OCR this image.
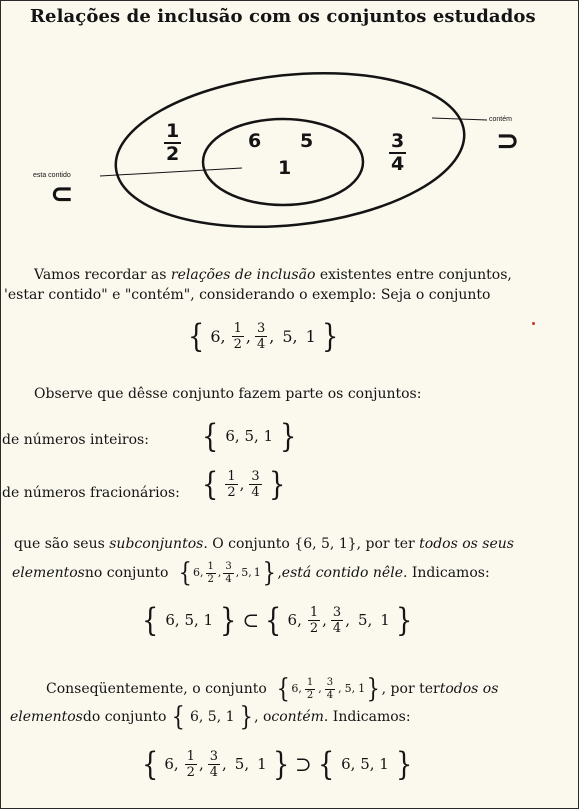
Relações de inclusão com os conjuntos estudados
6 5
1
$\frac{1}{2}$	$\frac{3}{4}$
esta contido
⊂
contém
⊃
Vamos recordar as relações de inclusão existentes entre conjuntos,
'estar contido" e "contém", considerando o exemplo: Seja o conjunto
{ 6, $\frac{1}{2}$ , $\frac{3}{4}$ , 5, 1 }
Observe que dêsse conjunto fazem parte os conjuntos:
de números inteiros: { 6, 5, 1 }
de números fracionários: { $\frac{1}{2}$ , $\frac{3}{4}$ }
que são seus subconjuntos. O conjunto {6, 5, 1}, por ter todos os seus
elementos no conjunto { 6, $\frac{1}{2}$ , $\frac{3}{4}$ , 5, 1 } , está contido nêle . Indicamos:
{ 6, 5, 1 } ⊂ { 6, $\frac{1}{2}$ , $\frac{3}{4}$ , 5, 1 }
Conseqüentemente, o conjunto { 6, $\frac{1}{2}$ , $\frac{3}{4}$ , 5, 1 } , por ter todos os
elementos do conjunto { 6, 5, 1 } , o contém . Indicamos:
{ 6, $\frac{1}{2}$ , $\frac{3}{4}$ , 5, 1 } ⊃ { 6, 5, 1 }
